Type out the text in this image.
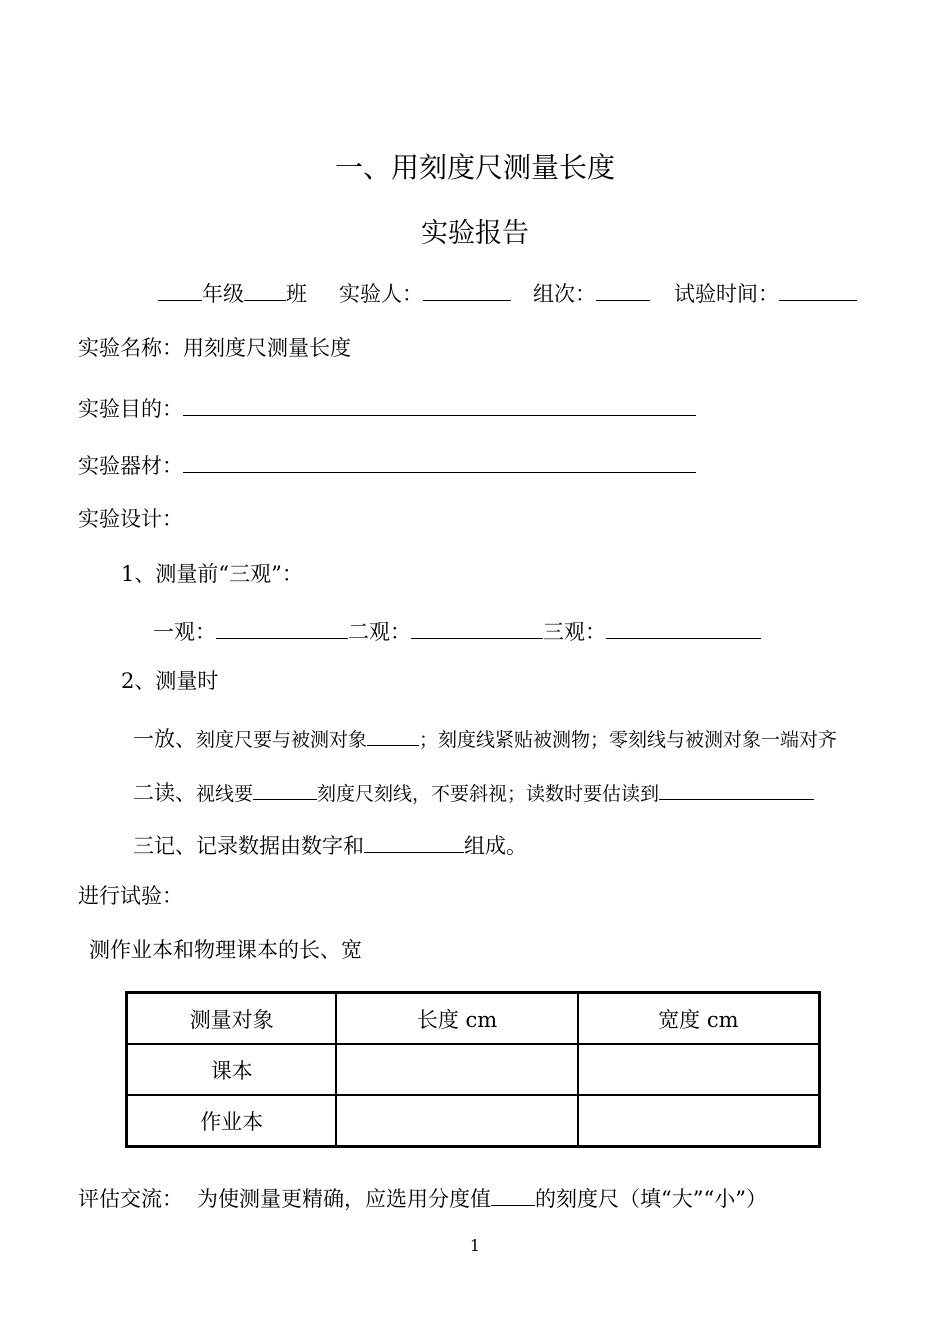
一、用刻度尺测量长度
实验报告
年级 班 实验人：	组次：	试验时间：
实验名称：用刻度尺测量长度
实验目的：
实验器材：
实验设计：
1、测量前“三观”：
一观：	二观：	三观：
2、测量时
一放、刻度尺要与被测对象	；刻度线紧贴被测物；零刻线与被测对象一端对齐
二读、视线要	刻度尺刻线，不要斜视；读数时要估读到
三记、记录数据由数字和	组成。
进行试验：
测作业本和物理课本的长、宽
测量对象	长度 cm	宽度 cm
课本		
作业本		
评估交流： 为使测量更精确，应选用分度值 的刻度尺（填“大”“小”）
1
